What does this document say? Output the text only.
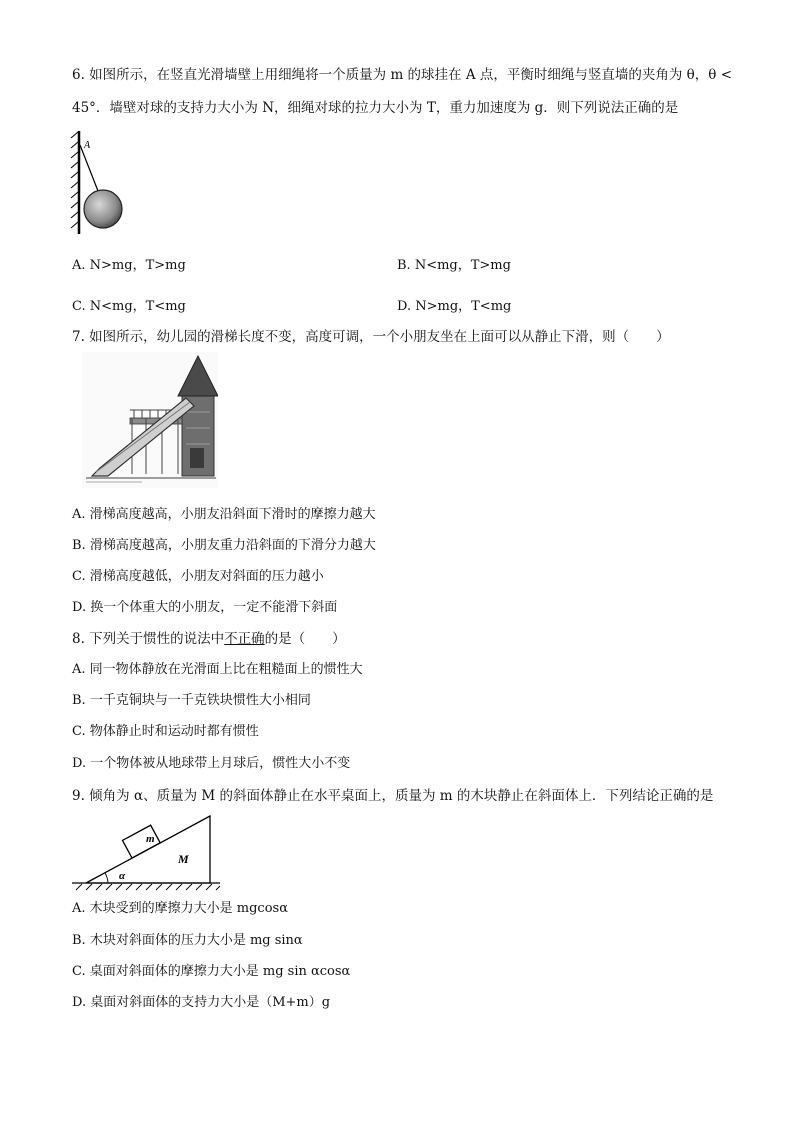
6. 如图所示，在竖直光滑墙壁上用细绳将一个质量为 m 的球挂在 A 点，平衡时细绳与竖直墙的夹角为 θ，θ <
45°．墙壁对球的支持力大小为 N，细绳对球的拉力大小为 T，重力加速度为 g．则下列说法正确的是
A
A. N>mg，T>mg	B. N<mg，T>mg
C. N<mg，T<mg	D. N>mg，T<mg
7. 如图所示，幼儿园的滑梯长度不变，高度可调，一个小朋友坐在上面可以从静止下滑，则（　　）
A. 滑梯高度越高，小朋友沿斜面下滑时的摩擦力越大
B. 滑梯高度越高，小朋友重力沿斜面的下滑分力越大
C. 滑梯高度越低，小朋友对斜面的压力越小
D. 换一个体重大的小朋友，一定不能滑下斜面
8. 下列关于惯性的说法中不正确的是（　　）
A. 同一物体静放在光滑面上比在粗糙面上的惯性大
B. 一千克铜块与一千克铁块惯性大小相同
C. 物体静止时和运动时都有惯性
D. 一个物体被从地球带上月球后，惯性大小不变
9. 倾角为 α、质量为 M 的斜面体静止在水平桌面上，质量为 m 的木块静止在斜面体上．下列结论正确的是
m
M
α
A. 木块受到的摩擦力大小是 mgcosα
B. 木块对斜面体的压力大小是 mg sinα
C. 桌面对斜面体的摩擦力大小是 mg sin αcosα
D. 桌面对斜面体的支持力大小是（M+m）g
